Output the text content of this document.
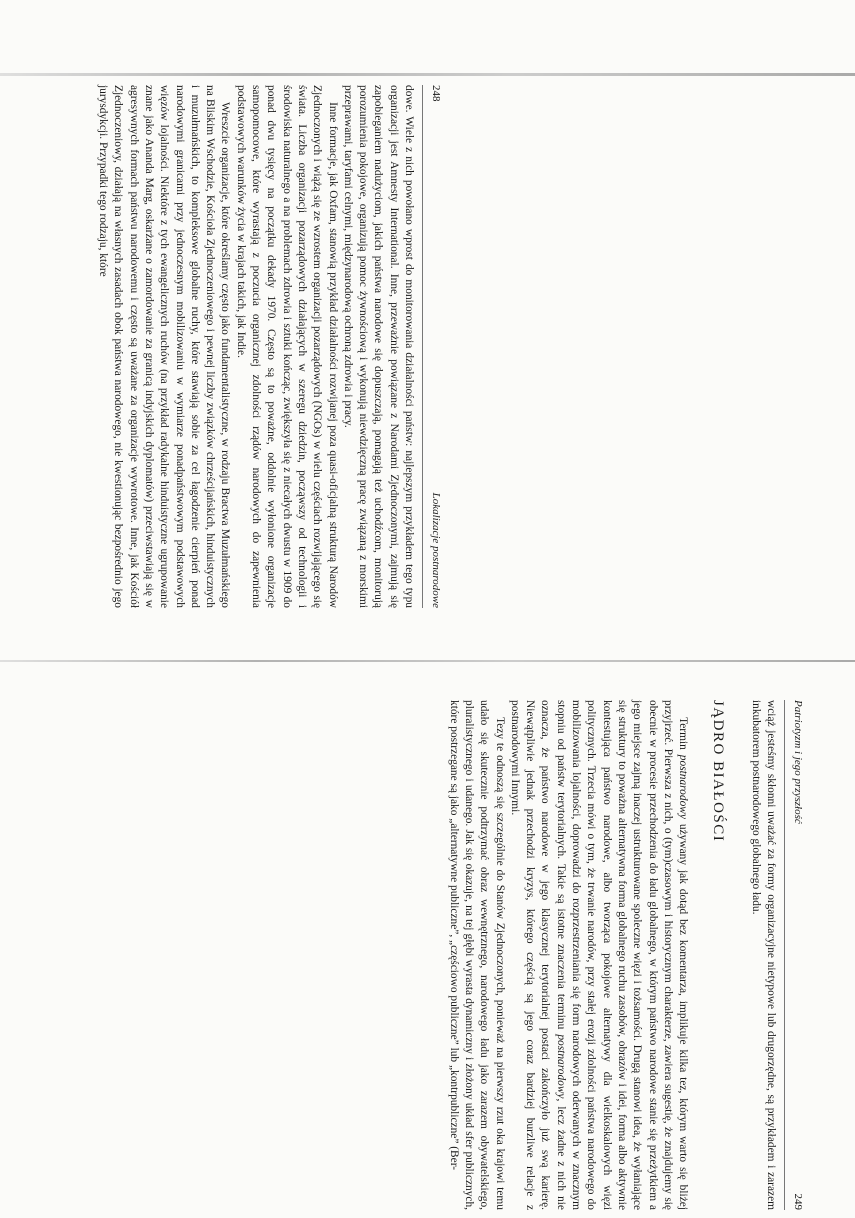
248
Lokalizacje postnarodowe

dowe. Wiele z nich powołano wprost do monitorowania działalności państw: najlepszym przykładem tego typu organizacji jest Amnesty International. Inne, przeważnie powiązane z Narodami Zjednoczonymi, zajmują się zapobieganiem nadużyciom, jakich państwa narodowe się dopuszczają, pomagają też uchodźcom, monitorują porozumienia pokojowe, organizują pomoc żywnościową i wykonują niewdzięczną pracę związaną z morskimi przeprawami, taryfami celnymi, międzynarodową ochroną zdrowia i pracy.

Inne formacje, jak Oxfam, stanowią przykład działalności rozwijanej poza quasi-oficjalną strukturą Narodów Zjednoczonych i wiążą się ze wzrostem organizacji pozarządowych (NGOs) w wielu częściach rozwijającego się świata. Liczba organizacji pozarządowych działających w szeregu dziedzin, począwszy od technologii i środowiska naturalnego a na problemach zdrowia i sztuki kończąc, zwiększyła się z niecałych dwustu w 1909 do ponad dwu tysięcy na początku dekady 1970. Często są to poważne, oddolnie wyłonione organizacje samopomocowe, które wyrastają z poczucia organicznej zdolności rządów narodowych do zapewnienia podstawowych warunków życia w krajach takich, jak Indie.

Wreszcie organizacje, które określamy często jako fundamentalistyczne, w rodzaju Bractwa Muzułmańskiego na Bliskim Wschodzie, Kościoła Zjednoczeniowego i pewnej liczby związków chrześcijańskich, hinduistycznych i muzułmańskich, to kompleksowe globalne ruchy, które stawiają sobie za cel łagodzenie cierpień ponad narodowymi granicami przy jednoczesnym mobilizowaniu w wymiarze ponadpaństwowym podstawowych więzów lojalności. Niektóre z tych ewangelicznych ruchów (na przykład radykalne hinduistyczne ugrupowanie znane jako Ananda Marg, oskarżane o zamordowanie za granicą indyjskich dyplomatów) przeciwstawiają się w agresywnych formach państwu narodowemu i często są uważane za organizacje wywrotowe. Inne, jak Kościół Zjednoczeniowy, działają na własnych zasadach obok państwa narodowego, nie kwestionując bezpośrednio jego jurysdykcji. Przypadki tego rodzaju, które

Patriotyzm i jego przyszłość
249

wciąż jesteśmy skłonni uważać za formy organizacyjne nietypowe lub drugorzędne, są przykładem i zarazem inkubatorem postnarodowego globalnego ładu.

JĄDRO BIAŁOŚCI

Termin postnarodowy używany jak dotąd bez komentarza, implikuje kilka tez, którym warto się bliżej przyjrzeć. Pierwsza z nich, o (tym)czasowym i historycznym charakterze, zawiera sugestię, że znajdujemy się obecnie w procesie przechodzenia do ładu globalnego, w którym państwo narodowe stanie się przeżytkiem a jego miejsce zajmą inaczej ustrukturowane spoleczne więzi i tożsamości. Drugą stanowi idea, że wyłaniające się struktury to poważna alternatywna forma globalnego ruchu zasobów, obrazów i idei, forma albo aktywnie kontestująca państwo narodowe, albo tworząca pokojowe alternatywy dla wielkoskalowych więzi politycznych. Trzecia mówi o tym, że trwanie narodów, przy stałej erozji zdolności państwa narodowego do mobilizowania lojalności, doprowadzi do rozprzestrzeniania się form narodowych oderwanych w znacznym stopniu od państw terytorialnych. Takie są istotne znaczenia terminu postnarodowy, lecz żadne z nich nie oznacza, że państwo narodowe w jego klasycznej terytorialnej postaci zakończyło już swą karierę. Niewątpliwie jednak przechodzi kryzys, którego częścią są jego coraz bardziej burzliwe relacje z postnarodowymi Innymi.

Tezy te odnoszą się szczególnie do Stanów Zjednoczonych, ponieważ na pierwszy rzut oka krajowi temu udało się skutecznie podtrzymać obraz wewnętrznego, narodowego ładu jako zarazem obywatelskiego, pluralistycznego i udanego. Jak się okazuje, na tej głębi wyrasta dynamiczny i złożony układ sfer publicznych, które postrzegane są jako „alternatywne publiczne”, „częściowo publiczne” lub „kontrpubliczne” (Ber-
